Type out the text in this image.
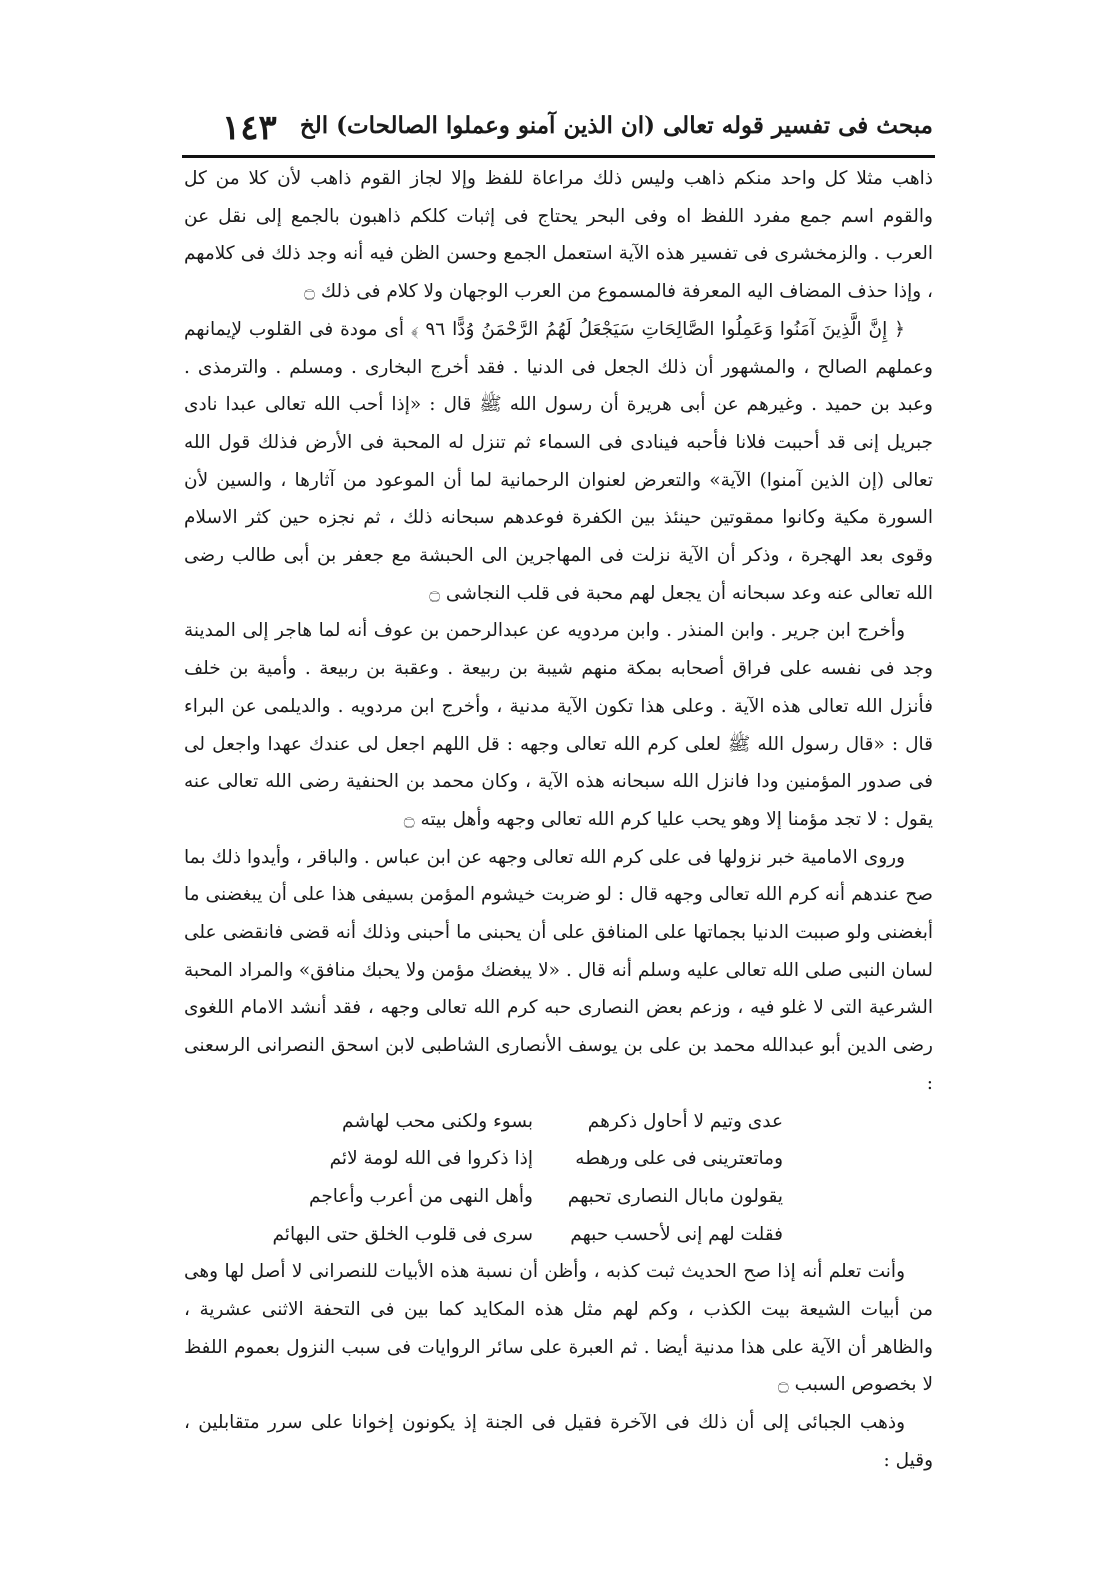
١٤٣ مبحث فى تفسير قوله تعالى (ان الذين آمنو وعملوا الصالحات) الخ

ذاهب مثلا كل واحد منكم ذاهب وليس ذلك مراعاة للفظ وإلا لجاز القوم ذاهب لأن كلا من كل والقوم اسم جمع مفرد اللفظ اه وفى البحر يحتاج فى إثبات كلكم ذاهبون بالجمع إلى نقل عن العرب . والزمخشرى فى تفسير هذه الآية استعمل الجمع وحسن الظن فيه أنه وجد ذلك فى كلامهم ، وإذا حذف المضاف اليه المعرفة فالمسموع من العرب الوجهان ولا كلام فى ذلك ‌۝

﴿ إِنَّ الَّذِينَ آمَنُوا وَعَمِلُوا الصَّالِحَاتِ سَيَجْعَلُ لَهُمُ الرَّحْمَنُ وُدًّا ٩٦ ﴾ أى مودة فى القلوب لإيمانهم وعملهم الصالح ، والمشهور أن ذلك الجعل فى الدنيا . فقد أخرج البخارى . ومسلم . والترمذى . وعبد بن حميد . وغيرهم عن أبى هريرة أن رسول الله ﷺ قال : «إذا أحب الله تعالى عبدا نادى جبريل إنى قد أحببت فلانا فأحبه فينادى فى السماء ثم تنزل له المحبة فى الأرض فذلك قول الله تعالى (إن الذين آمنوا) الآية» والتعرض لعنوان الرحمانية لما أن الموعود من آثارها ، والسين لأن السورة مكية وكانوا ممقوتين حينئذ بين الكفرة فوعدهم سبحانه ذلك ، ثم نجزه حين كثر الاسلام وقوى بعد الهجرة ، وذكر أن الآية نزلت فى المهاجرين الى الحبشة مع جعفر بن أبى طالب رضى الله تعالى عنه وعد سبحانه أن يجعل لهم محبة فى قلب النجاشى ‌۝

وأخرج ابن جرير . وابن المنذر . وابن مردويه عن عبدالرحمن بن عوف أنه لما هاجر إلى المدينة وجد فى نفسه على فراق أصحابه بمكة منهم شيبة بن ربيعة . وعقبة بن ربيعة . وأمية بن خلف فأنزل الله تعالى هذه الآية . وعلى هذا تكون الآية مدنية ، وأخرج ابن مردويه . والديلمى عن البراء قال : «قال رسول الله ﷺ لعلى كرم الله تعالى وجهه : قل اللهم اجعل لى عندك عهدا واجعل لى فى صدور المؤمنين ودا فانزل الله سبحانه هذه الآية ، وكان محمد بن الحنفية رضى الله تعالى عنه يقول : لا تجد مؤمنا إلا وهو يحب عليا كرم الله تعالى وجهه وأهل بيته ‌۝

وروى الامامية خبر نزولها فى على كرم الله تعالى وجهه عن ابن عباس . والباقر ، وأيدوا ذلك بما صح عندهم أنه كرم الله تعالى وجهه قال : لو ضربت خيشوم المؤمن بسيفى هذا على أن يبغضنى ما أبغضنى ولو صببت الدنيا بجماتها على المنافق على أن يحبنى ما أحبنى وذلك أنه قضى فانقضى على لسان النبى صلى الله تعالى عليه وسلم أنه قال . «لا يبغضك مؤمن ولا يحبك منافق» والمراد المحبة الشرعية التى لا غلو فيه ، وزعم بعض النصارى حبه كرم الله تعالى وجهه ، فقد أنشد الامام اللغوى رضى الدين أبو عبدالله محمد بن على بن يوسف الأنصارى الشاطبى لابن اسحق النصرانى الرسعنى :

عدى وتيم لا أحاول ذكرهم
بسوء ولكنى محب لهاشم
وماتعترينى فى على ورهطه
إذا ذكروا فى الله لومة لائم
يقولون مابال النصارى تحبهم
وأهل النهى من أعرب وأعاجم
فقلت لهم إنى لأحسب حبهم
سرى فى قلوب الخلق حتى البهائم

وأنت تعلم أنه إذا صح الحديث ثبت كذبه ، وأظن أن نسبة هذه الأبيات للنصرانى لا أصل لها وهى من أبيات الشيعة بيت الكذب ، وكم لهم مثل هذه المكايد كما بين فى التحفة الاثنى عشرية ، والظاهر أن الآية على هذا مدنية أيضا . ثم العبرة على سائر الروايات فى سبب النزول بعموم اللفظ لا بخصوص السبب ‌۝

وذهب الجبائى إلى أن ذلك فى الآخرة فقيل فى الجنة إذ يكونون إخوانا على سرر متقابلين ، وقيل :
